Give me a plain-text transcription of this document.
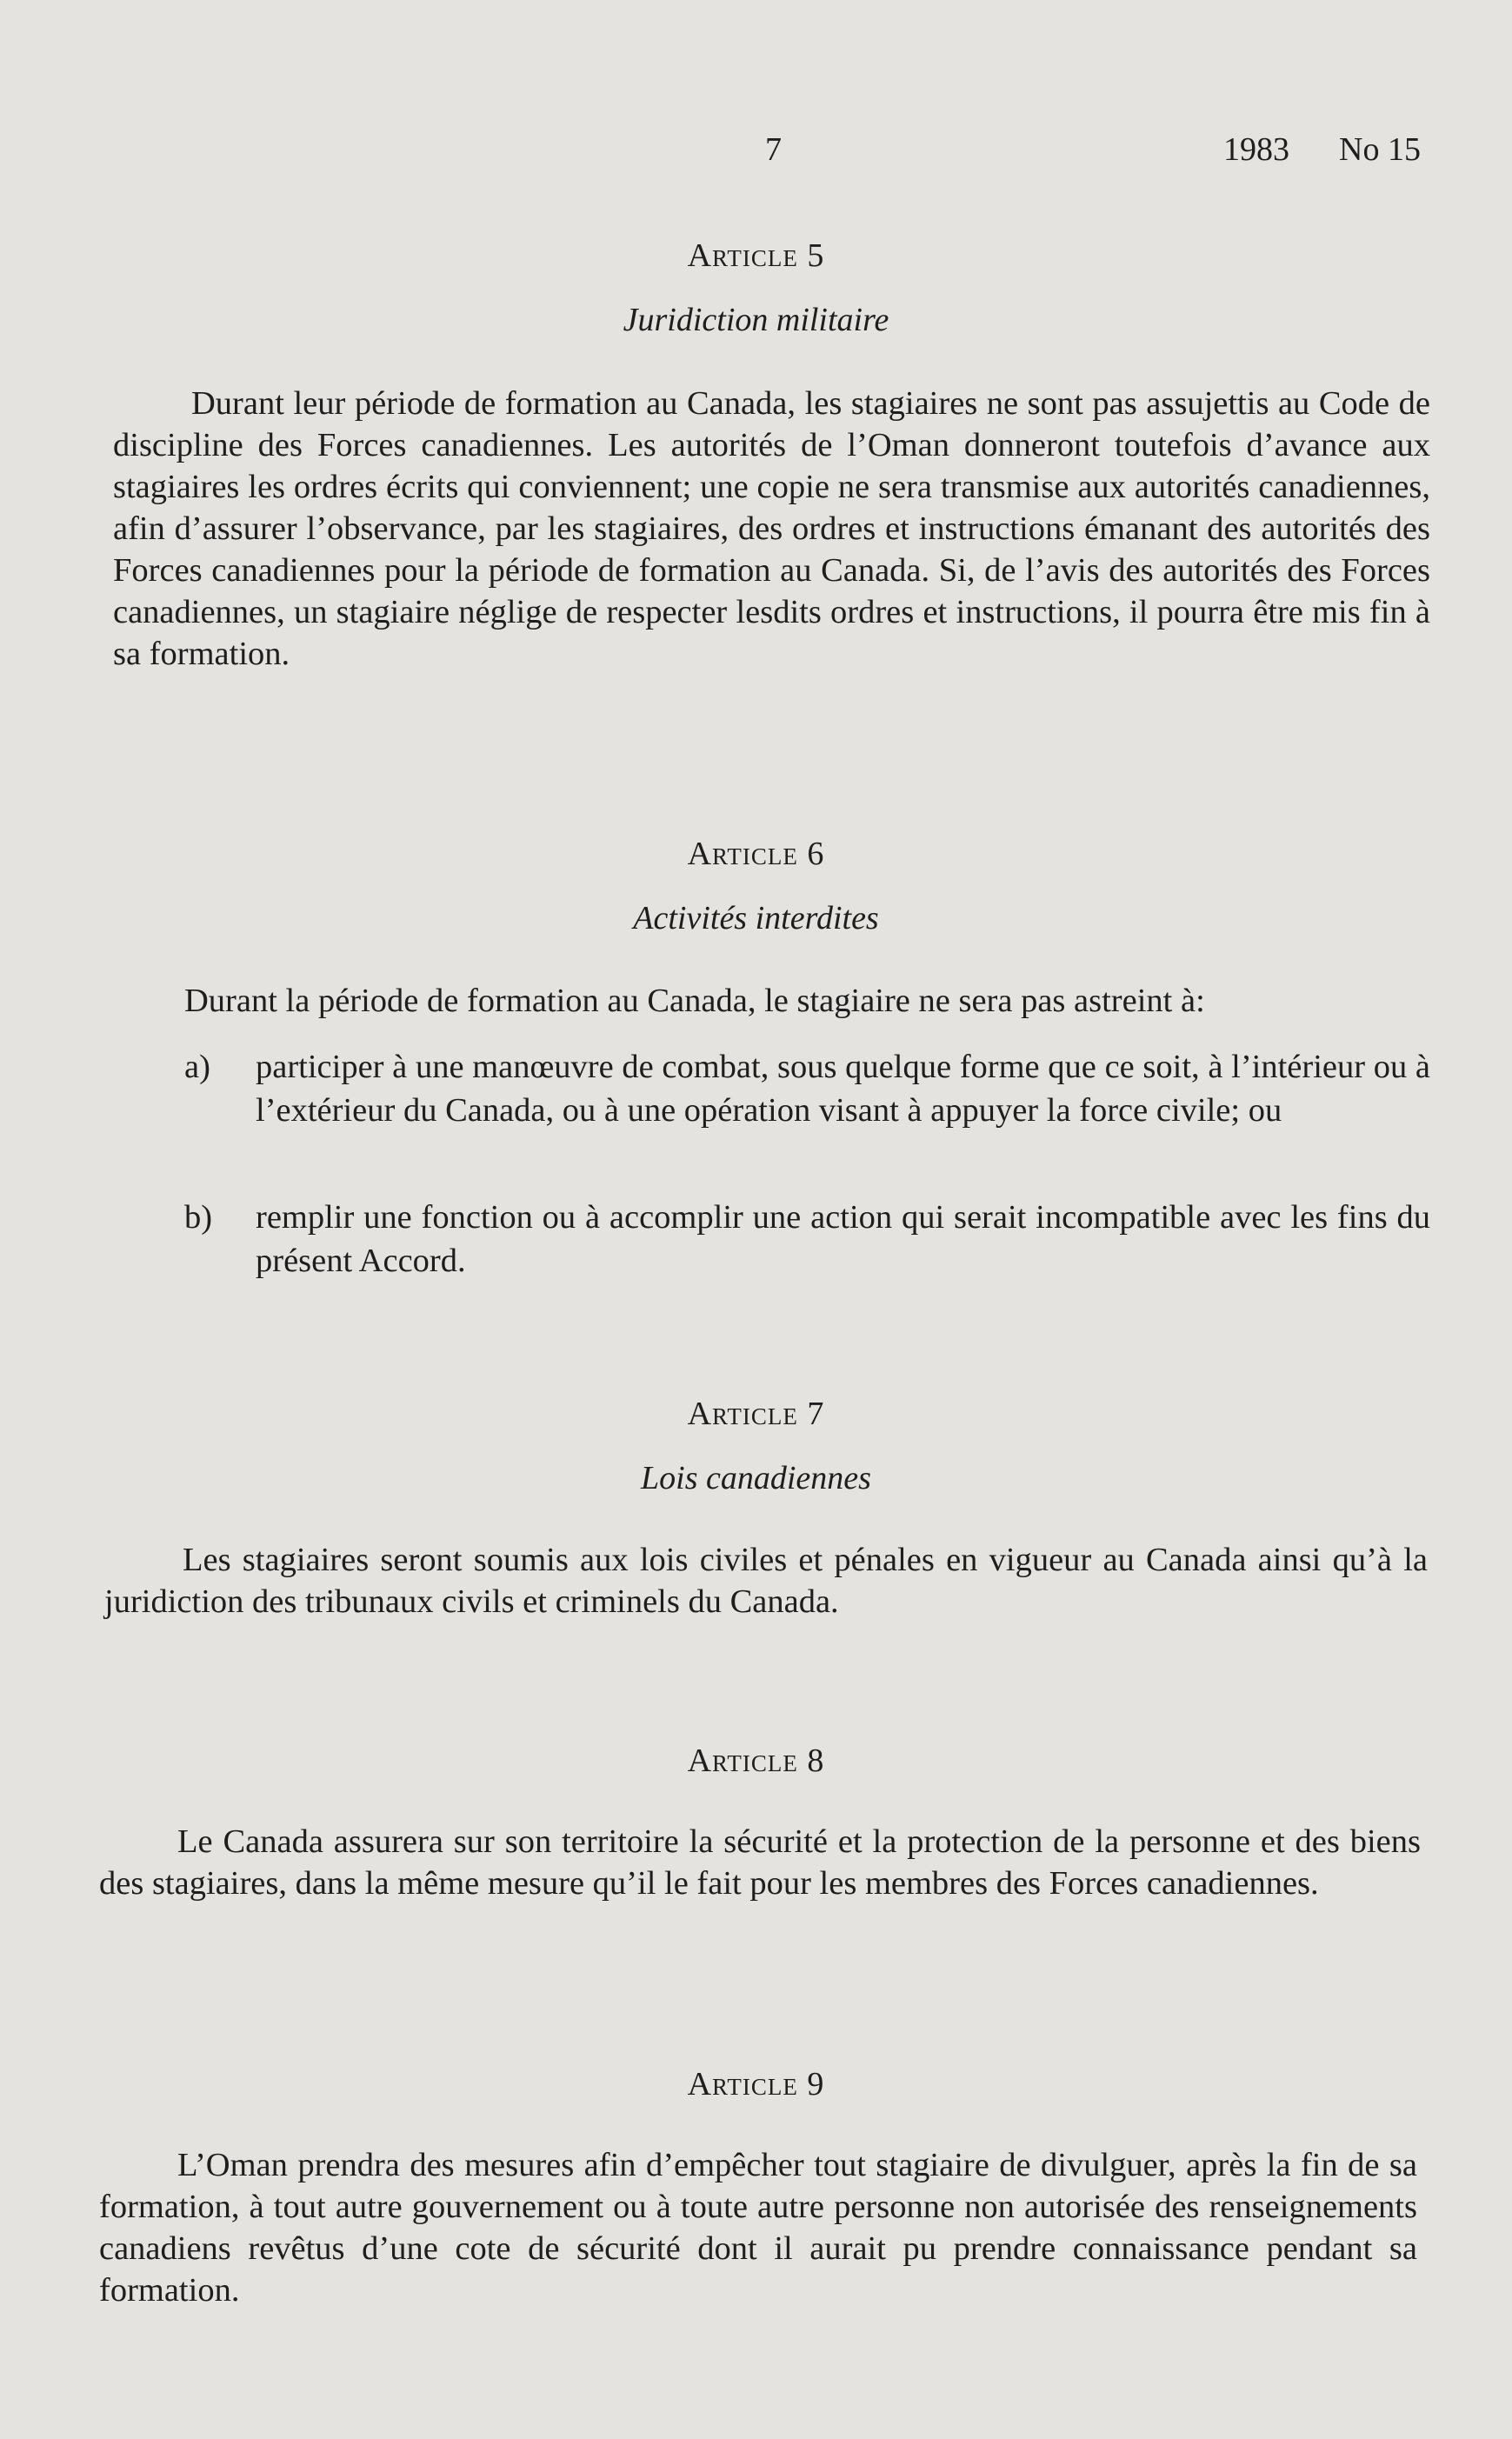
7	1983 No 15
Article 5
Juridiction militaire

Durant leur période de formation au Canada, les stagiaires ne sont pas assujettis au Code de discipline des Forces canadiennes. Les autorités de l’Oman donneront toutefois d’avance aux stagiaires les ordres écrits qui conviennent; une copie ne sera transmise aux autorités canadiennes, afin d’assurer l’observance, par les stagiaires, des ordres et instructions émanant des autorités des Forces canadiennes pour la période de formation au Canada. Si, de l’avis des autorités des Forces canadiennes, un stagiaire néglige de respecter lesdits ordres et instructions, il pourra être mis fin à sa formation.

Article 6
Activités interdites

Durant la période de formation au Canada, le stagiaire ne sera pas astreint à:

a) participer à une manœuvre de combat, sous quelque forme que ce soit, à l’intérieur ou à l’extérieur du Canada, ou à une opération visant à appuyer la force civile; ou
b) remplir une fonction ou à accomplir une action qui serait incompatible avec les fins du présent Accord.
Article 7
Lois canadiennes

Les stagiaires seront soumis aux lois civiles et pénales en vigueur au Canada ainsi qu’à la juridiction des tribunaux civils et criminels du Canada.

Article 8

Le Canada assurera sur son territoire la sécurité et la protection de la personne et des biens des stagiaires, dans la même mesure qu’il le fait pour les membres des Forces canadiennes.

Article 9

L’Oman prendra des mesures afin d’empêcher tout stagiaire de divulguer, après la fin de sa formation, à tout autre gouvernement ou à toute autre personne non autorisée des renseignements canadiens revêtus d’une cote de sécurité dont il aurait pu prendre connaissance pendant sa formation.
